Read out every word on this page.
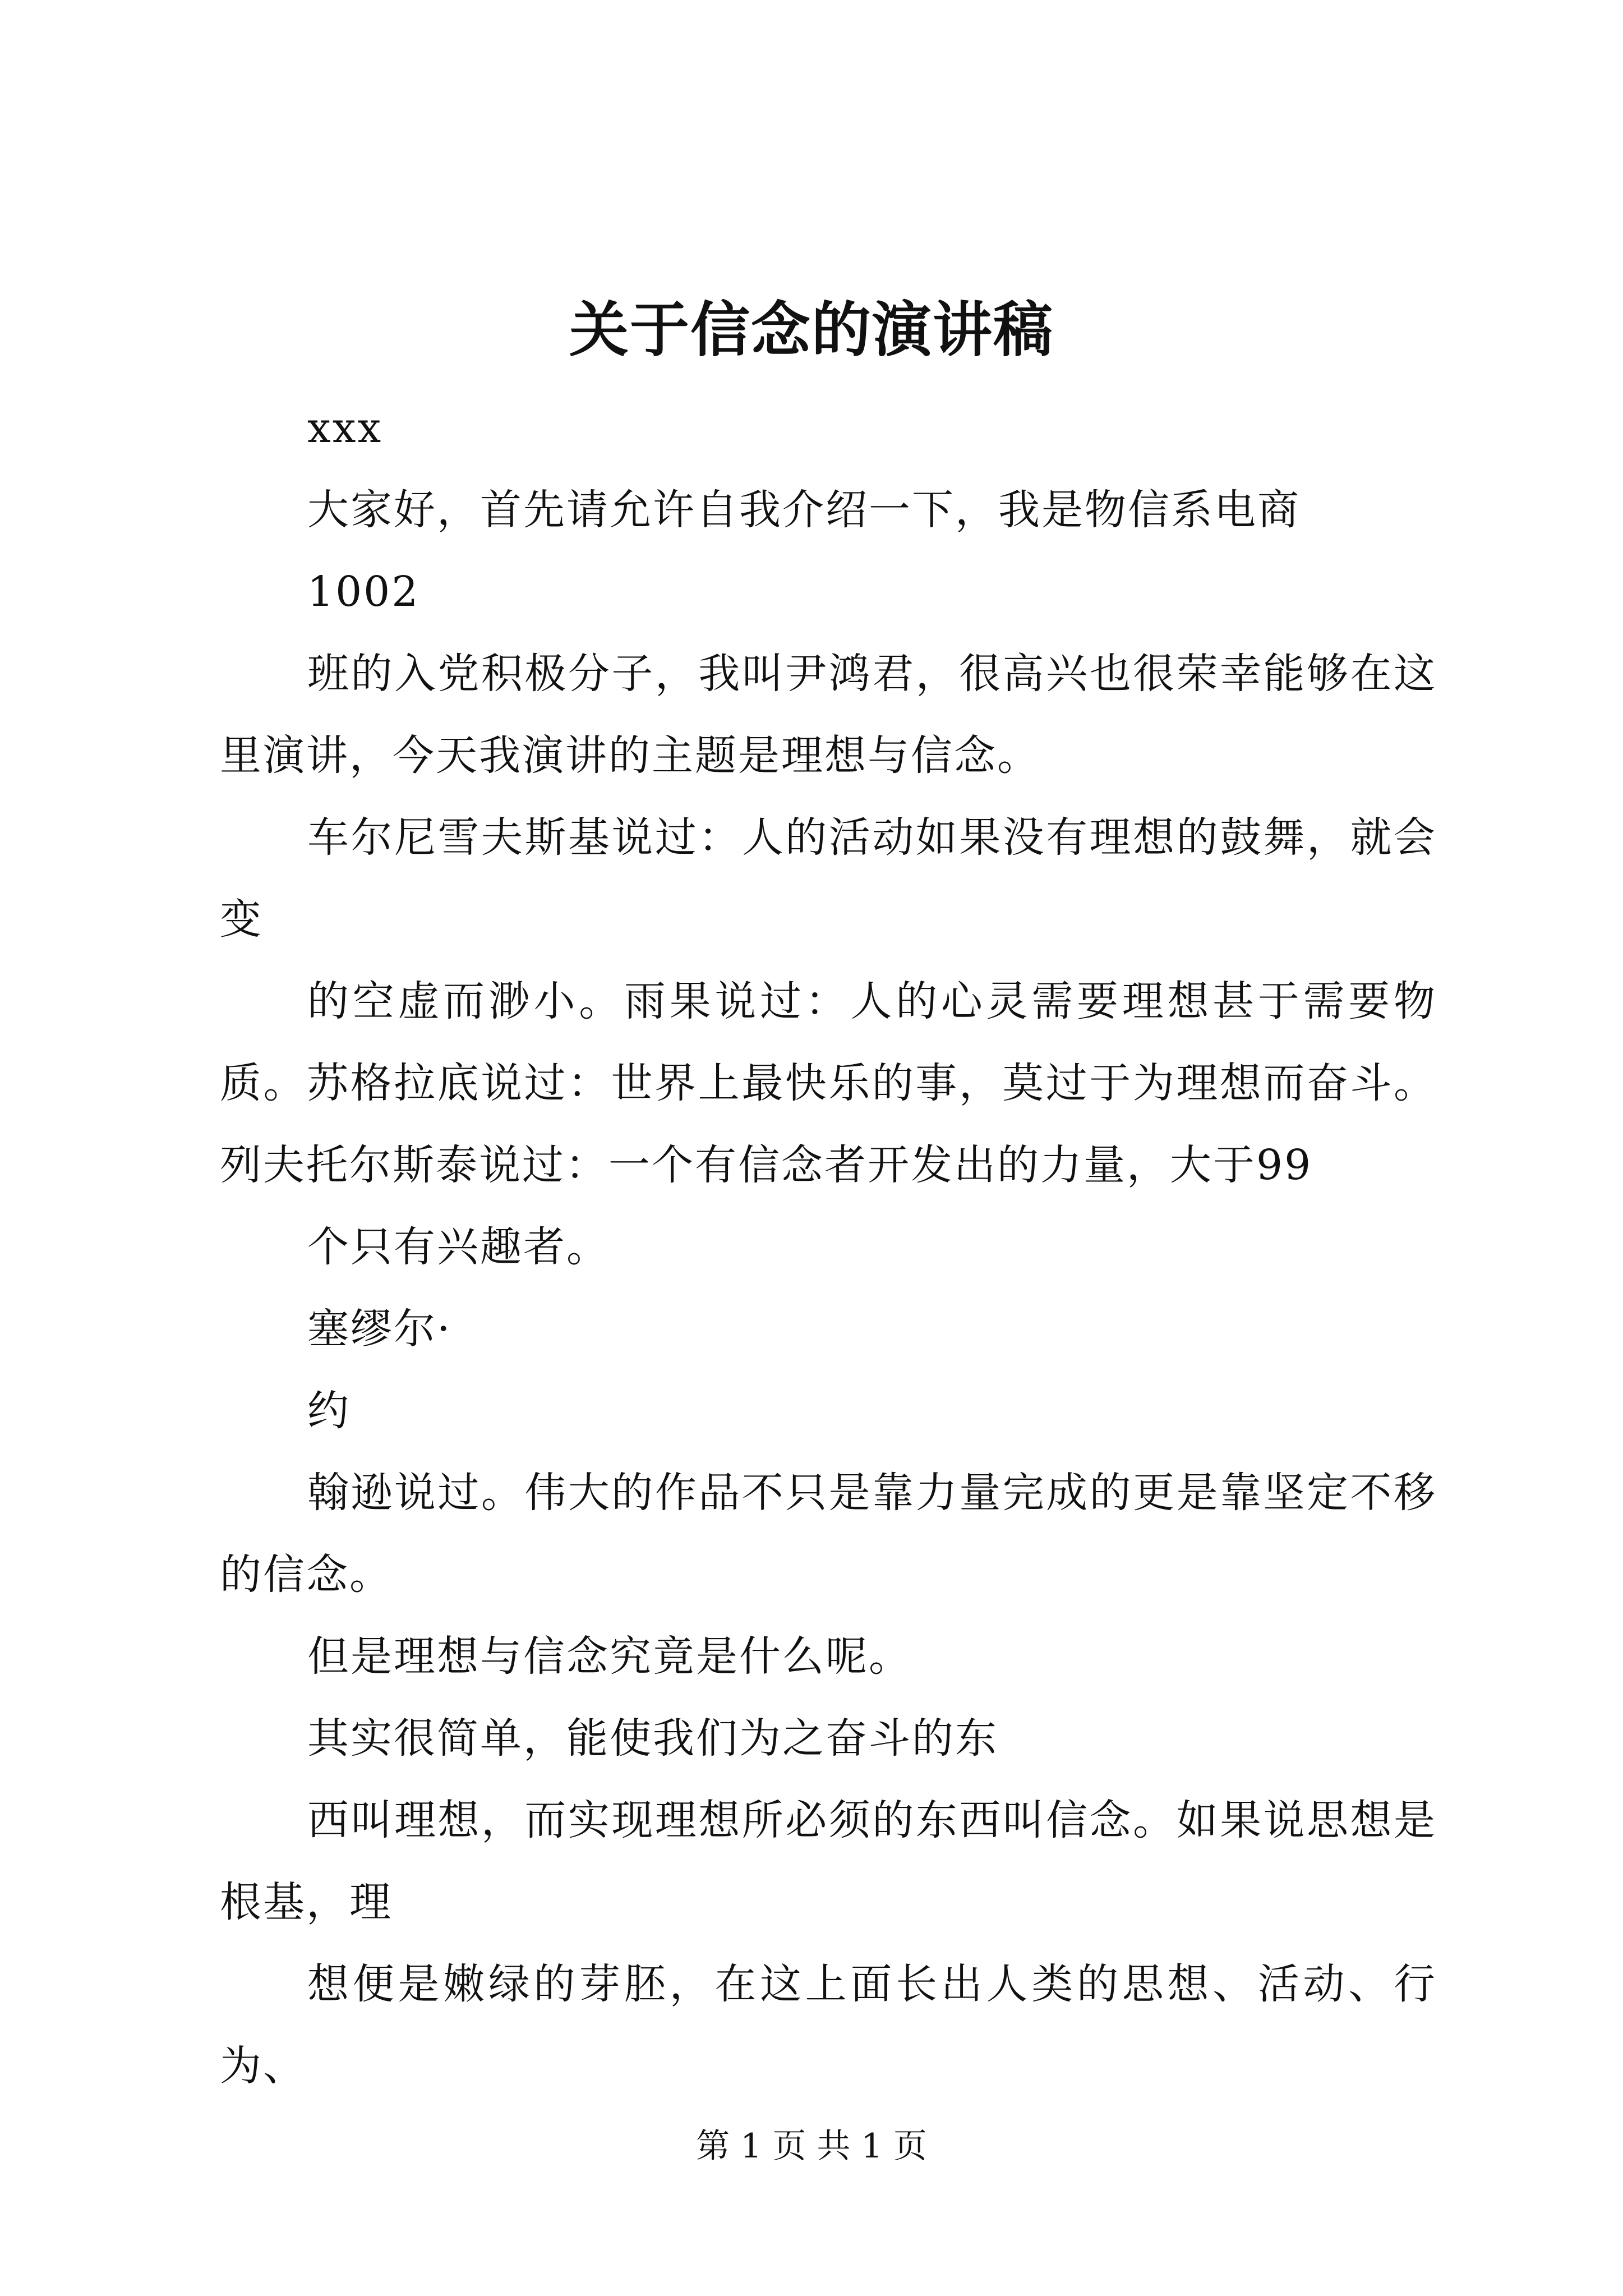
关于信念的演讲稿

xxx

大家好，首先请允许自我介绍一下，我是物信系电商

1002

班的入党积极分子，我叫尹鸿君，很高兴也很荣幸能够在这里演讲，今天我演讲的主题是理想与信念。

车尔尼雪夫斯基说过：人的活动如果没有理想的鼓舞，就会变

的空虚而渺小。雨果说过：人的心灵需要理想甚于需要物质。苏格拉底说过：世界上最快乐的事，莫过于为理想而奋斗。列夫托尔斯泰说过：一个有信念者开发出的力量，大于99

个只有兴趣者。

塞缪尔·

约

翰逊说过。伟大的作品不只是靠力量完成的更是靠坚定不移的信念。

但是理想与信念究竟是什么呢。

其实很简单，能使我们为之奋斗的东

西叫理想，而实现理想所必须的东西叫信念。如果说思想是根基，理

想便是嫩绿的芽胚，在这上面长出人类的思想、活动、行为、

第 1 页 共 1 页
